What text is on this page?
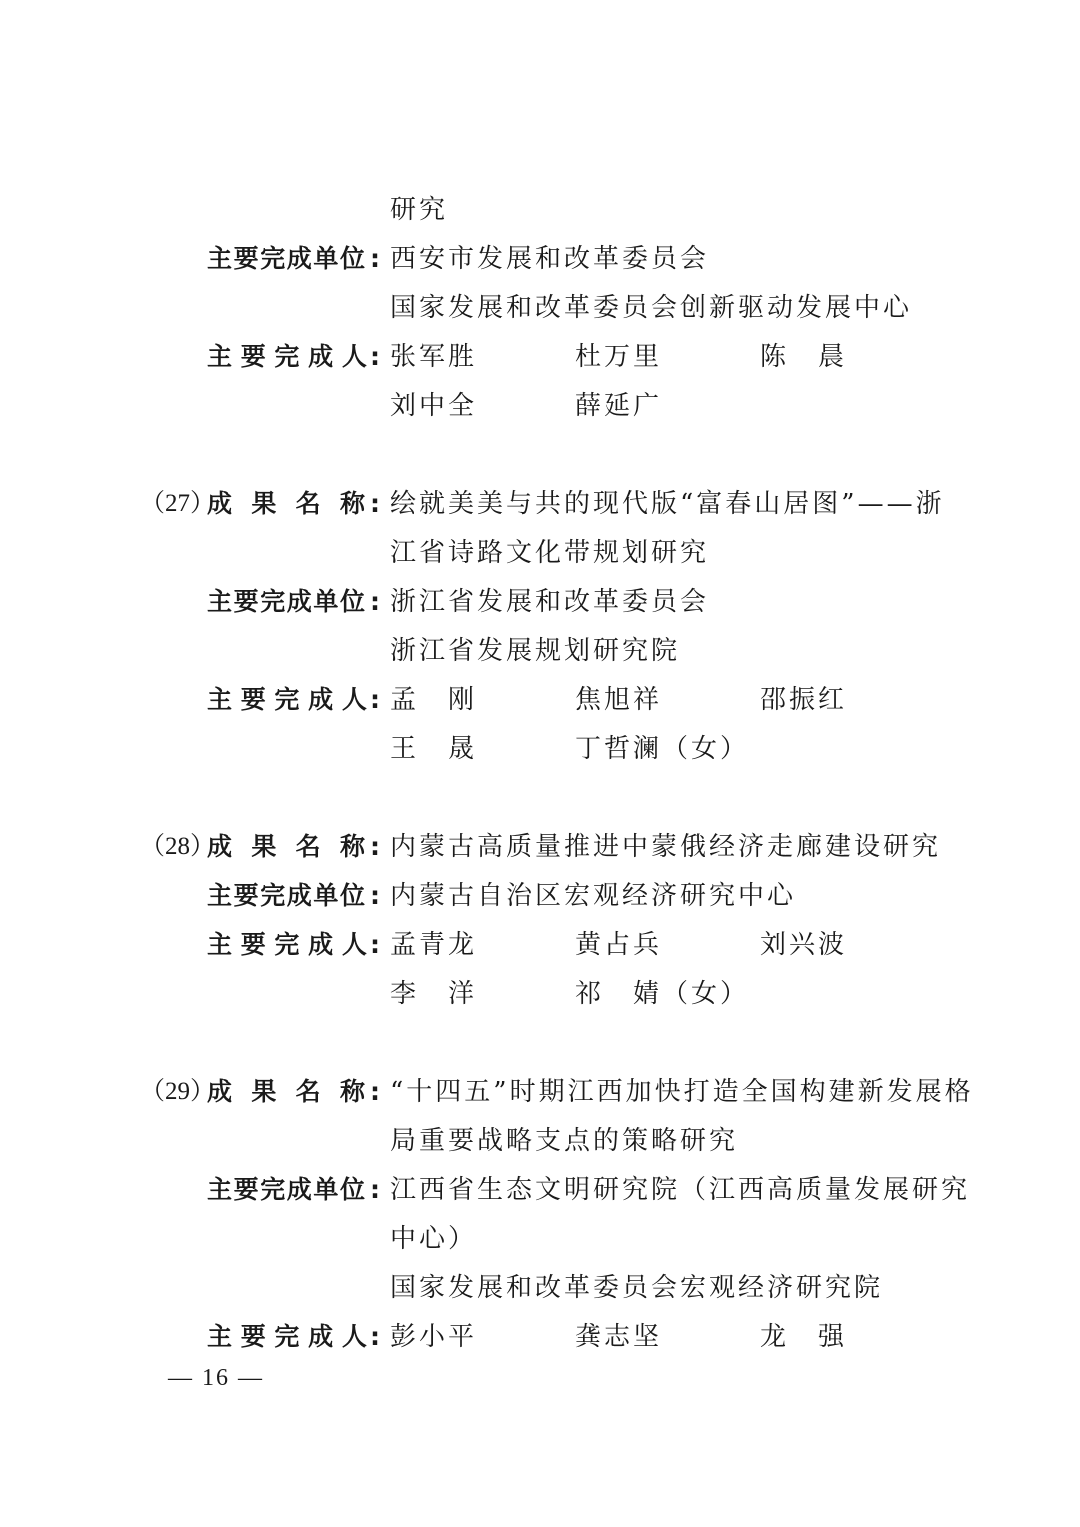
研究
主要完成单位 : 西安市发展和改革委员会
国家发展和改革委员会创新驱动发展中心
主 要 完 成 人 : 张军胜	杜万里	陈　晨
刘中全	薛延广
（27）
成 果 名 称 : 绘就美美与共的现代版“富春山居图”——浙
江省诗路文化带规划研究
主要完成单位 : 浙江省发展和改革委员会
浙江省发展规划研究院
主 要 完 成 人 : 孟　刚	焦旭祥	邵振红
王　晟	丁哲澜（女）
（28）
成 果 名 称 : 内蒙古高质量推进中蒙俄经济走廊建设研究
主要完成单位 : 内蒙古自治区宏观经济研究中心
主 要 完 成 人 : 孟青龙	黄占兵	刘兴波
李　洋	祁　婧（女）
（29）
成 果 名 称 : “十四五”时期江西加快打造全国构建新发展格
局重要战略支点的策略研究
主要完成单位 : 江西省生态文明研究院（江西高质量发展研究
中心）
国家发展和改革委员会宏观经济研究院
主 要 完 成 人 : 彭小平	龚志坚	龙　强
— 16 —
